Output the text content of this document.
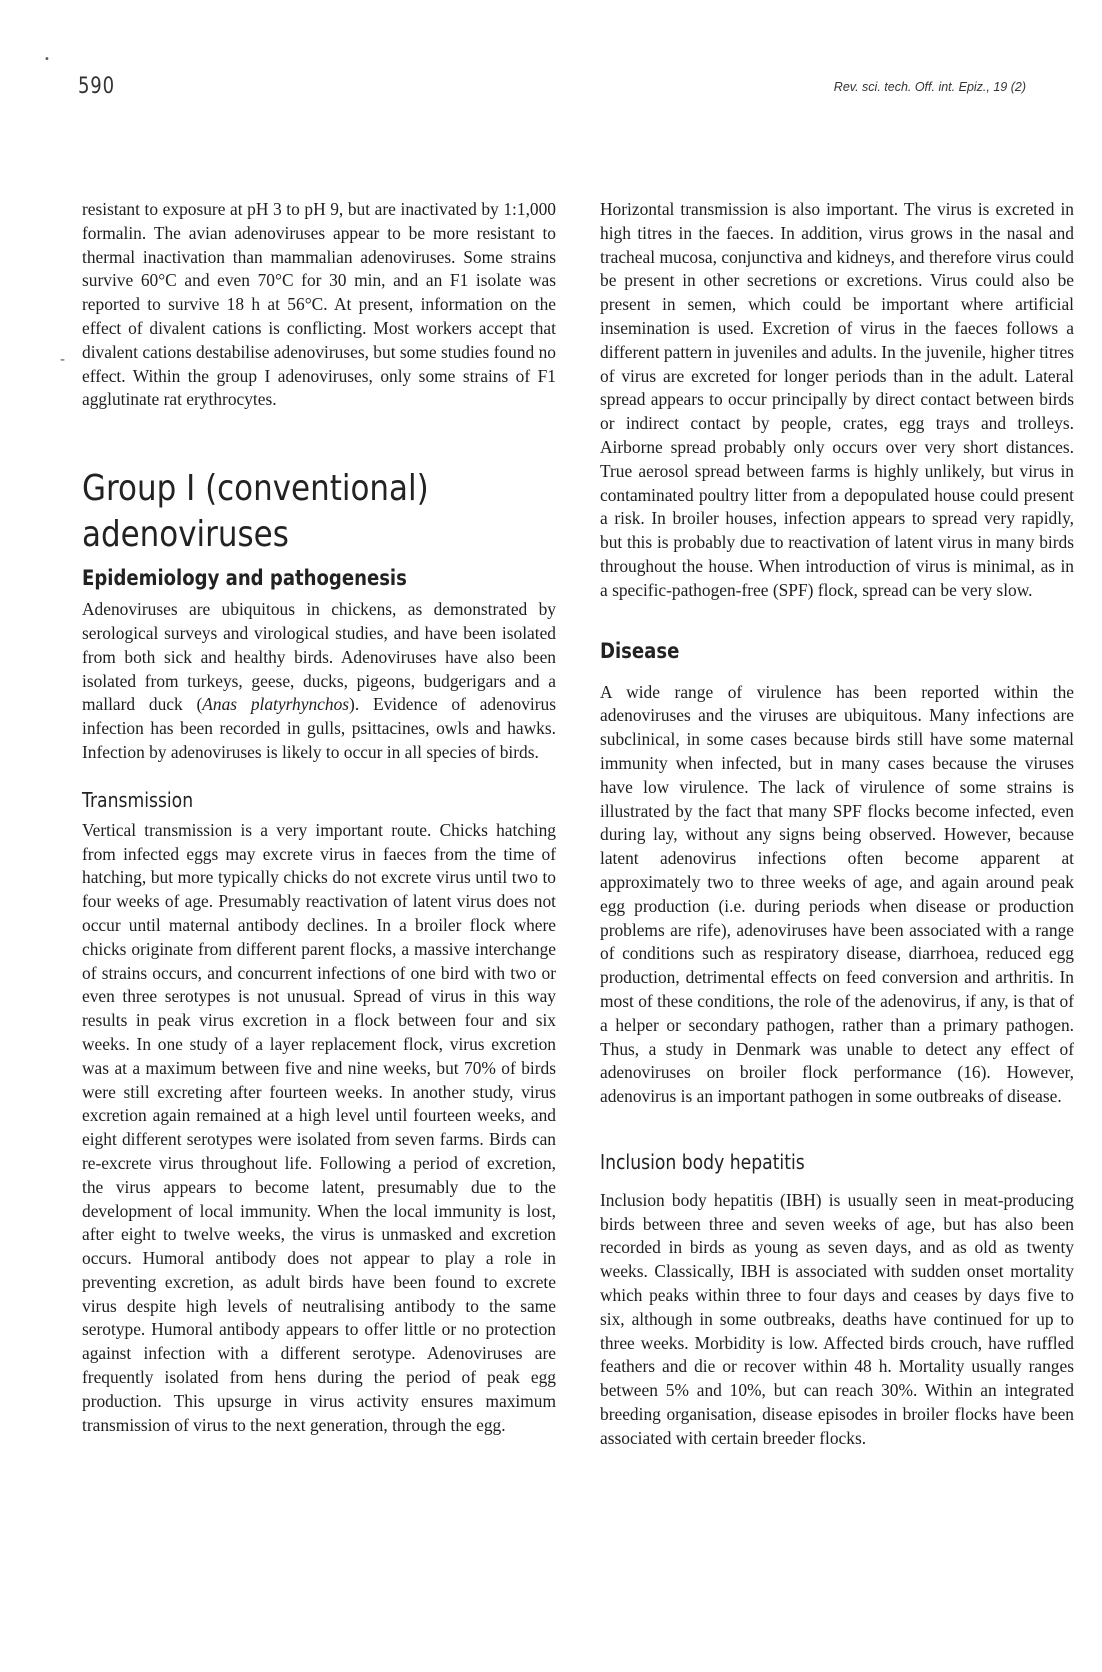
•
-
590	Rev. sci. tech. Off. int. Epiz., 19 (2)

resistant to exposure at pH 3 to pH 9, but are inactivated by 1:1,000 formalin. The avian adenoviruses appear to be more resistant to thermal inactivation than mammalian adenoviruses. Some strains survive 60°C and even 70°C for 30 min, and an F1 isolate was reported to survive 18 h at 56°C. At present, information on the effect of divalent cations is conflicting. Most workers accept that divalent cations destabilise adenoviruses, but some studies found no effect. Within the group I adenoviruses, only some strains of F1 agglutinate rat erythrocytes.

Group I (conventional)
adenoviruses
Epidemiology and pathogenesis

Adenoviruses are ubiquitous in chickens, as demonstrated by serological surveys and virological studies, and have been isolated from both sick and healthy birds. Adenoviruses have also been isolated from turkeys, geese, ducks, pigeons, budgerigars and a mallard duck (Anas platyrhynchos). Evidence of adenovirus infection has been recorded in gulls, psittacines, owls and hawks. Infection by adenoviruses is likely to occur in all species of birds.

Transmission

Vertical transmission is a very important route. Chicks hatching from infected eggs may excrete virus in faeces from the time of hatching, but more typically chicks do not excrete virus until two to four weeks of age. Presumably reactivation of latent virus does not occur until maternal antibody declines. In a broiler flock where chicks originate from different parent flocks, a massive interchange of strains occurs, and concurrent infections of one bird with two or even three serotypes is not unusual. Spread of virus in this way results in peak virus excretion in a flock between four and six weeks. In one study of a layer replacement flock, virus excretion was at a maximum between five and nine weeks, but 70% of birds were still excreting after fourteen weeks. In another study, virus excretion again remained at a high level until fourteen weeks, and eight different serotypes were isolated from seven farms. Birds can re-excrete virus throughout life. Following a period of excretion, the virus appears to become latent, presumably due to the development of local immunity. When the local immunity is lost, after eight to twelve weeks, the virus is unmasked and excretion occurs. Humoral antibody does not appear to play a role in preventing excretion, as adult birds have been found to excrete virus despite high levels of neutralising antibody to the same serotype. Humoral antibody appears to offer little or no protection against infection with a different serotype. Adenoviruses are frequently isolated from hens during the period of peak egg production. This upsurge in virus activity ensures maximum transmission of virus to the next generation, through the egg.

Horizontal transmission is also important. The virus is excreted in high titres in the faeces. In addition, virus grows in the nasal and tracheal mucosa, conjunctiva and kidneys, and therefore virus could be present in other secretions or excretions. Virus could also be present in semen, which could be important where artificial insemination is used. Excretion of virus in the faeces follows a different pattern in juveniles and adults. In the juvenile, higher titres of virus are excreted for longer periods than in the adult. Lateral spread appears to occur principally by direct contact between birds or indirect contact by people, crates, egg trays and trolleys. Airborne spread probably only occurs over very short distances. True aerosol spread between farms is highly unlikely, but virus in contaminated poultry litter from a depopulated house could present a risk. In broiler houses, infection appears to spread very rapidly, but this is probably due to reactivation of latent virus in many birds throughout the house. When introduction of virus is minimal, as in a specific-pathogen-free (SPF) flock, spread can be very slow.

Disease

A wide range of virulence has been reported within the adenoviruses and the viruses are ubiquitous. Many infections are subclinical, in some cases because birds still have some maternal immunity when infected, but in many cases because the viruses have low virulence. The lack of virulence of some strains is illustrated by the fact that many SPF flocks become infected, even during lay, without any signs being observed. However, because latent adenovirus infections often become apparent at approximately two to three weeks of age, and again around peak egg production (i.e. during periods when disease or production problems are rife), adenoviruses have been associated with a range of conditions such as respiratory disease, diarrhoea, reduced egg production, detrimental effects on feed conversion and arthritis. In most of these conditions, the role of the adenovirus, if any, is that of a helper or secondary pathogen, rather than a primary pathogen. Thus, a study in Denmark was unable to detect any effect of adenoviruses on broiler flock performance (16). However, adenovirus is an important pathogen in some outbreaks of disease.

Inclusion body hepatitis

Inclusion body hepatitis (IBH) is usually seen in meat-producing birds between three and seven weeks of age, but has also been recorded in birds as young as seven days, and as old as twenty weeks. Classically, IBH is associated with sudden onset mortality which peaks within three to four days and ceases by days five to six, although in some outbreaks, deaths have continued for up to three weeks. Morbidity is low. Affected birds crouch, have ruffled feathers and die or recover within 48 h. Mortality usually ranges between 5% and 10%, but can reach 30%. Within an integrated breeding organisation, disease episodes in broiler flocks have been associated with certain breeder flocks.
